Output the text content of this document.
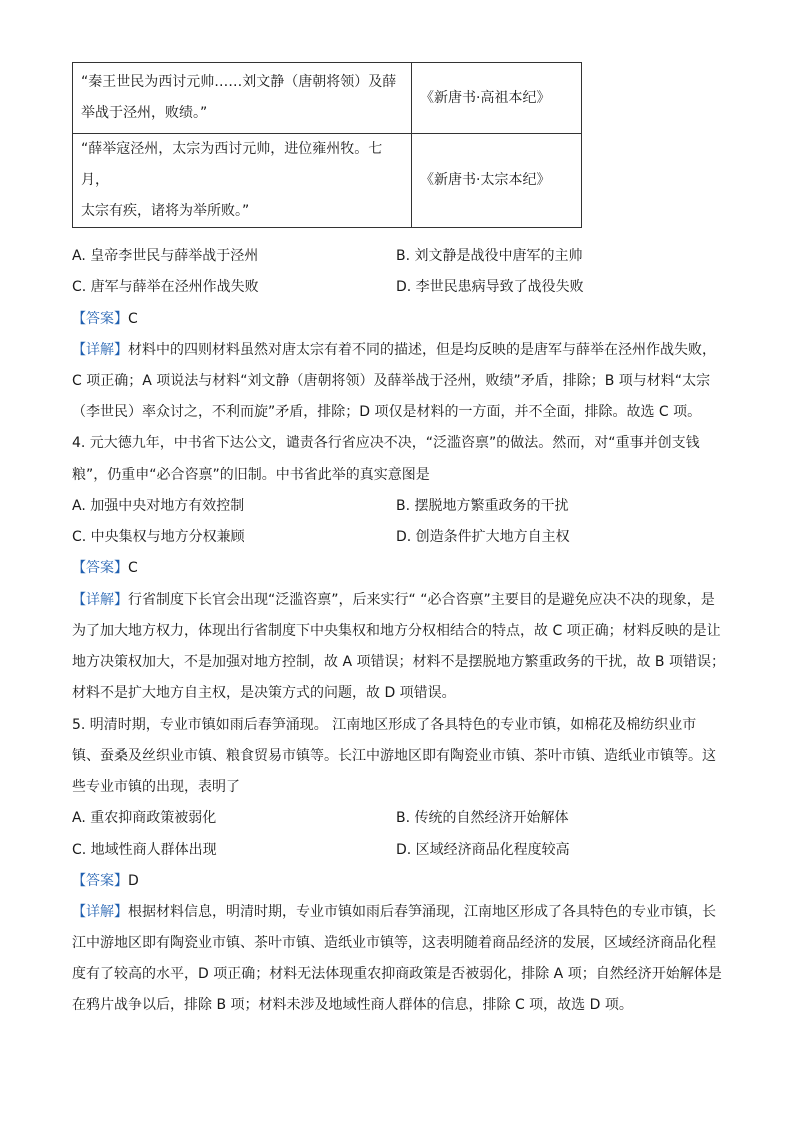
“秦王世民为西讨元帅……刘文静（唐朝将领）及薛
举战于泾州，败绩。”	《新唐书·高祖本纪》

“薛举寇泾州，太宗为西讨元帅，进位雍州牧。七月，
太宗有疾，诸将为举所败。”	《新唐书·太宗本纪》
A. 皇帝李世民与薛举战于泾州	B. 刘文静是战役中唐军的主帅
C. 唐军与薛举在泾州作战失败	D. 李世民患病导致了战役失败
【答案】C
【详解】材料中的四则材料虽然对唐太宗有着不同的描述，但是均反映的是唐军与薛举在泾州作战失败，
C 项正确；A 项说法与材料“刘文静（唐朝将领）及薛举战于泾州，败绩”矛盾，排除；B 项与材料“太宗
（李世民）率众讨之，不利而旋”矛盾，排除；D 项仅是材料的一方面，并不全面，排除。故选 C 项。
4. 元大德九年，中书省下达公文，谴责各行省应决不决，“泛滥咨禀”的做法。然而，对“重事并创支钱
粮”，仍重申“必合咨禀”的旧制。中书省此举的真实意图是
A. 加强中央对地方有效控制	B. 摆脱地方繁重政务的干扰
C. 中央集权与地方分权兼顾	D. 创造条件扩大地方自主权
【答案】C
【详解】行省制度下长官会出现“泛滥咨禀”，后来实行“ “必合咨禀”主要目的是避免应决不决的现象，是
为了加大地方权力，体现出行省制度下中央集权和地方分权相结合的特点，故 C 项正确；材料反映的是让
地方决策权加大，不是加强对地方控制，故 A 项错误；材料不是摆脱地方繁重政务的干扰，故 B 项错误；
材料不是扩大地方自主权，是决策方式的问题，故 D 项错误。
5. 明清时期，专业市镇如雨后春笋涌现。 江南地区形成了各具特色的专业市镇，如棉花及棉纺织业市
镇、蚕桑及丝织业市镇、粮食贸易市镇等。长江中游地区即有陶瓷业市镇、茶叶市镇、造纸业市镇等。这
些专业市镇的出现，表明了
A. 重农抑商政策被弱化	B. 传统的自然经济开始解体
C. 地域性商人群体出现	D. 区域经济商品化程度较高
【答案】D
【详解】根据材料信息，明清时期，专业市镇如雨后春笋涌现，江南地区形成了各具特色的专业市镇，长
江中游地区即有陶瓷业市镇、茶叶市镇、造纸业市镇等，这表明随着商品经济的发展，区域经济商品化程
度有了较高的水平，D 项正确；材料无法体现重农抑商政策是否被弱化，排除 A 项；自然经济开始解体是
在鸦片战争以后，排除 B 项；材料未涉及地域性商人群体的信息，排除 C 项，故选 D 项。
